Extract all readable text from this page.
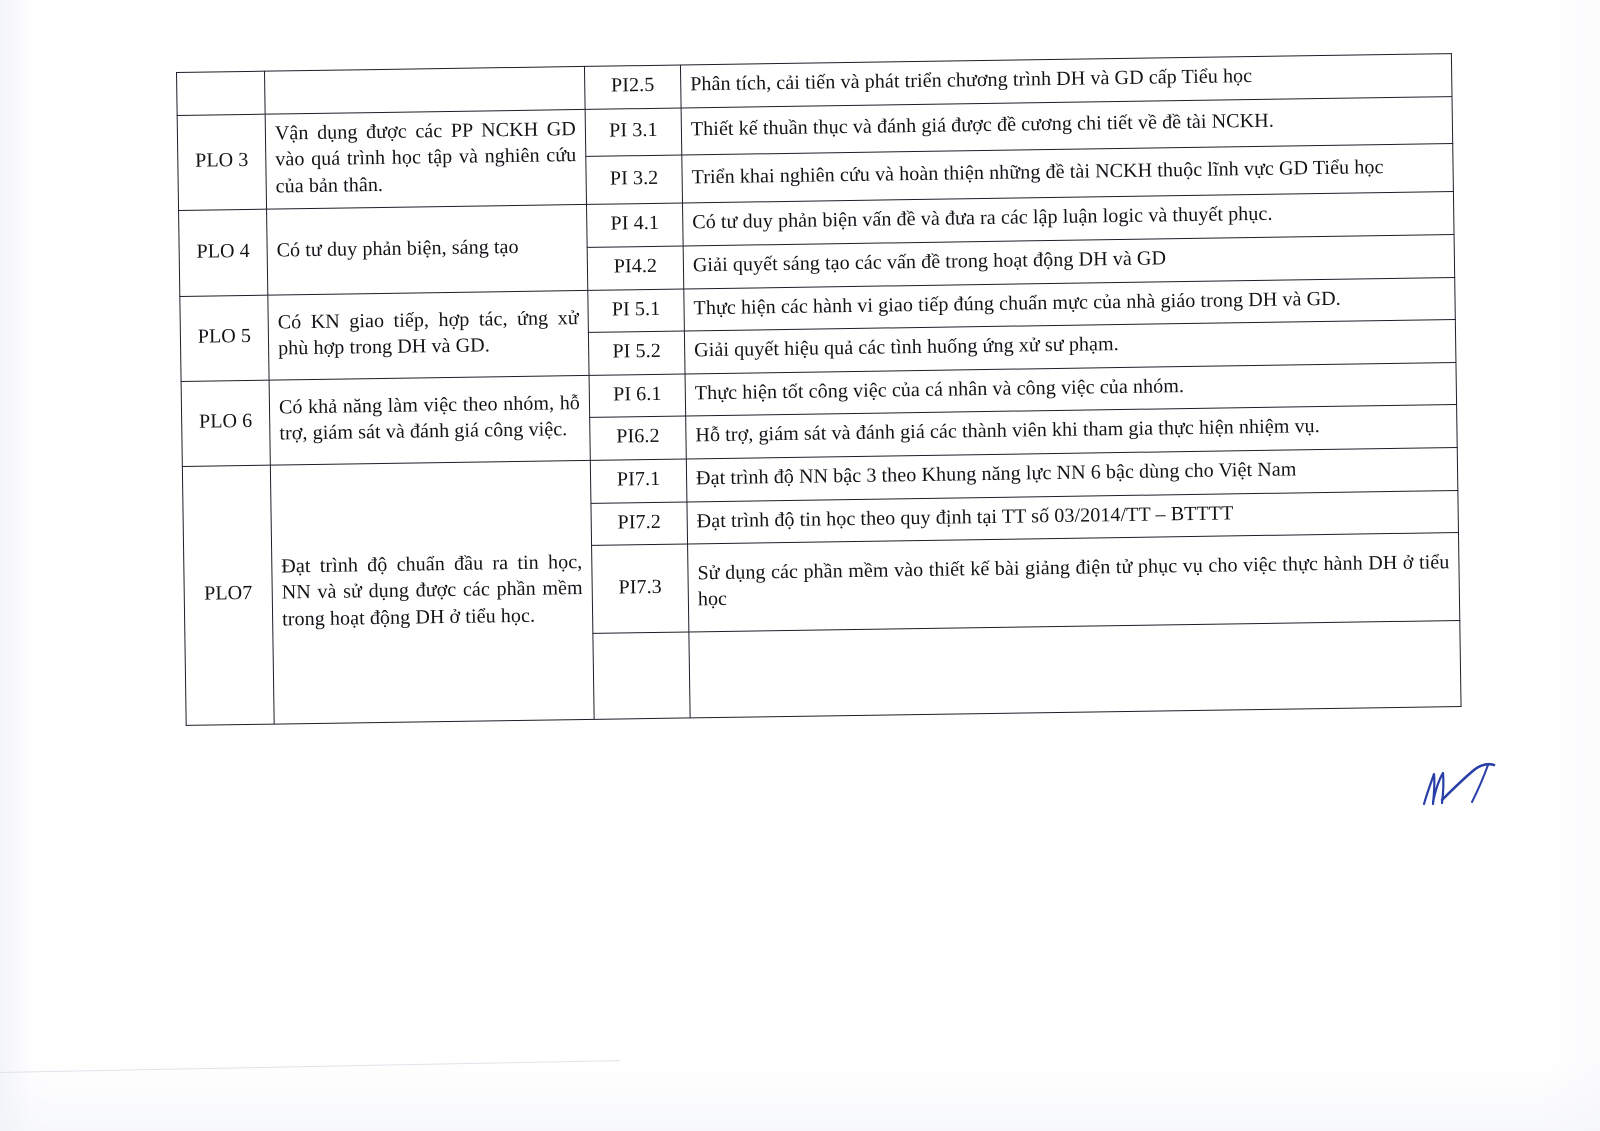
		PI2.5	Phân tích, cải tiến và phát triển chương trình DH và GD cấp Tiểu học
PLO 3	Vận dụng được các PP NCKH GD vào quá trình học tập và nghiên cứu của bản thân.	PI 3.1	Thiết kế thuần thục và đánh giá được đề cương chi tiết về đề tài NCKH.
		PI 3.2	Triển khai nghiên cứu và hoàn thiện những đề tài NCKH thuộc lĩnh vực GD Tiểu học
PLO 4	Có tư duy phản biện, sáng tạo	PI 4.1	Có tư duy phản biện vấn đề và đưa ra các lập luận logic và thuyết phục.
		PI4.2	Giải quyết sáng tạo các vấn đề trong hoạt động DH và GD
PLO 5	Có KN giao tiếp, hợp tác, ứng xử phù hợp trong DH và GD.	PI 5.1	Thực hiện các hành vi giao tiếp đúng chuẩn mực của nhà giáo trong DH và GD.
		PI 5.2	Giải quyết hiệu quả các tình huống ứng xử sư phạm.
PLO 6	Có khả năng làm việc theo nhóm, hỗ trợ, giám sát và đánh giá công việc.	PI 6.1	Thực hiện tốt công việc của cá nhân và công việc của nhóm.
		PI6.2	Hỗ trợ, giám sát và đánh giá các thành viên khi tham gia thực hiện nhiệm vụ.
PLO7	Đạt trình độ chuẩn đầu ra tin học, NN và sử dụng được các phần mềm trong hoạt động DH ở tiểu học.	PI7.1	Đạt trình độ NN bậc 3 theo Khung năng lực NN 6 bậc dùng cho Việt Nam
		PI7.2	Đạt trình độ tin học theo quy định tại TT số 03/2014/TT – BTTTT
		PI7.3	Sử dụng các phần mềm vào thiết kế bài giảng điện tử phục vụ cho việc thực hành DH ở tiểu học
